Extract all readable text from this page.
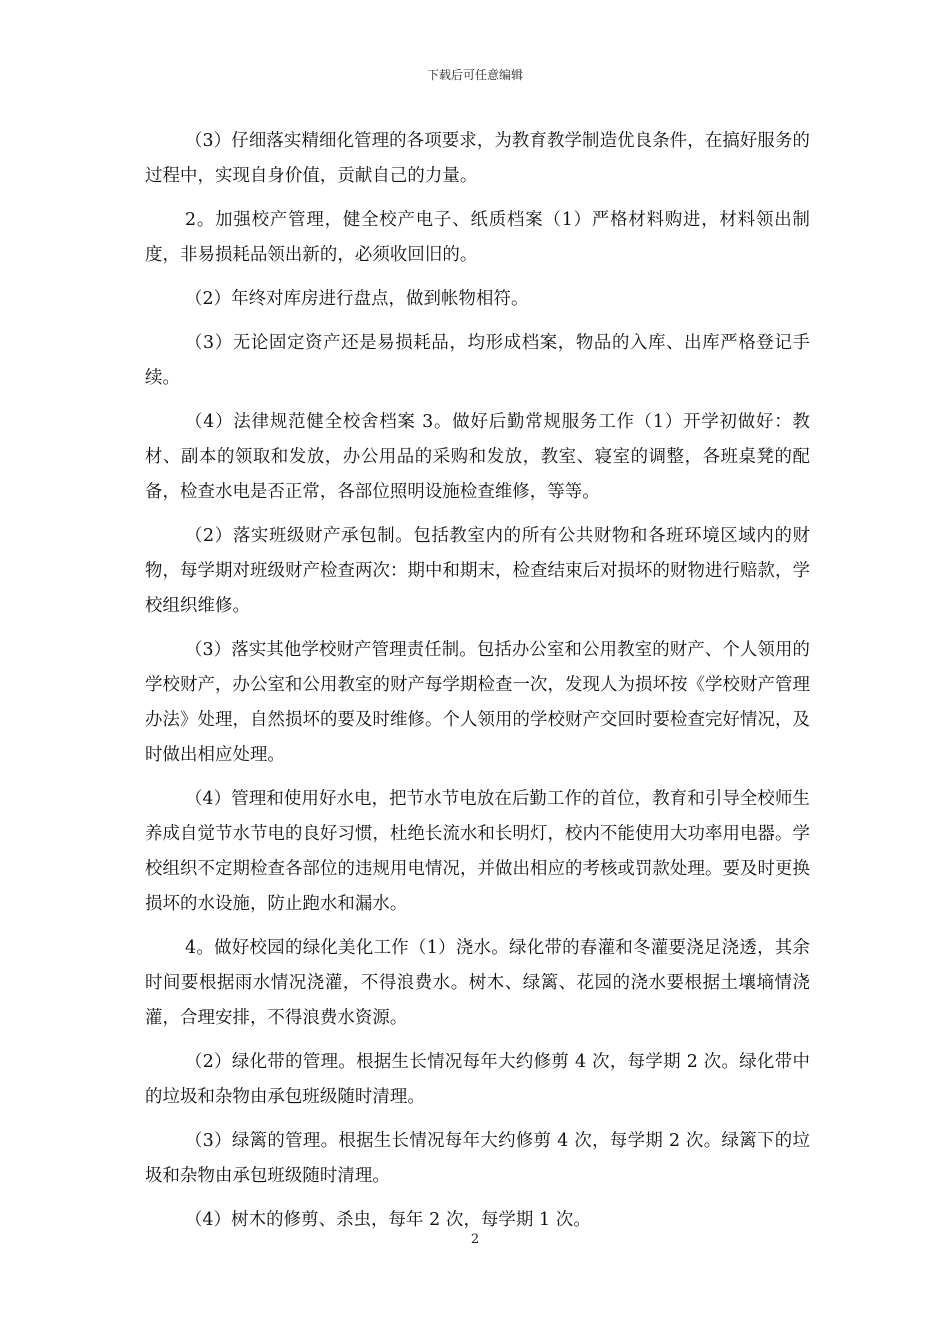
下载后可任意编辑

（3）仔细落实精细化管理的各项要求，为教育教学制造优良条件，在搞好服务的过程中，实现自身价值，贡献自己的力量。

2。加强校产管理，健全校产电子、纸质档案（1）严格材料购进，材料领出制度，非易损耗品领出新的，必须收回旧的。

（2）年终对库房进行盘点，做到帐物相符。

（3）无论固定资产还是易损耗品，均形成档案，物品的入库、出库严格登记手续。

（4）法律规范健全校舍档案 3。做好后勤常规服务工作（1）开学初做好：教材、副本的领取和发放，办公用品的采购和发放，教室、寝室的调整，各班桌凳的配备，检查水电是否正常，各部位照明设施检查维修，等等。

（2）落实班级财产承包制。包括教室内的所有公共财物和各班环境区域内的财物，每学期对班级财产检查两次：期中和期末，检查结束后对损坏的财物进行赔款，学校组织维修。

（3）落实其他学校财产管理责任制。包括办公室和公用教室的财产、个人领用的学校财产，办公室和公用教室的财产每学期检查一次，发现人为损坏按《学校财产管理办法》处理，自然损坏的要及时维修。个人领用的学校财产交回时要检查完好情况，及时做出相应处理。

（4）管理和使用好水电，把节水节电放在后勤工作的首位，教育和引导全校师生养成自觉节水节电的良好习惯，杜绝长流水和长明灯，校内不能使用大功率用电器。学校组织不定期检查各部位的违规用电情况，并做出相应的考核或罚款处理。要及时更换损坏的水设施，防止跑水和漏水。

4。做好校园的绿化美化工作（1）浇水。绿化带的春灌和冬灌要浇足浇透，其余时间要根据雨水情况浇灌，不得浪费水。树木、绿篱、花园的浇水要根据土壤墒情浇灌，合理安排，不得浪费水资源。

（2）绿化带的管理。根据生长情况每年大约修剪 4 次，每学期 2 次。绿化带中的垃圾和杂物由承包班级随时清理。

（3）绿篱的管理。根据生长情况每年大约修剪 4 次，每学期 2 次。绿篱下的垃圾和杂物由承包班级随时清理。

（4）树木的修剪、杀虫，每年 2 次，每学期 1 次。

2
